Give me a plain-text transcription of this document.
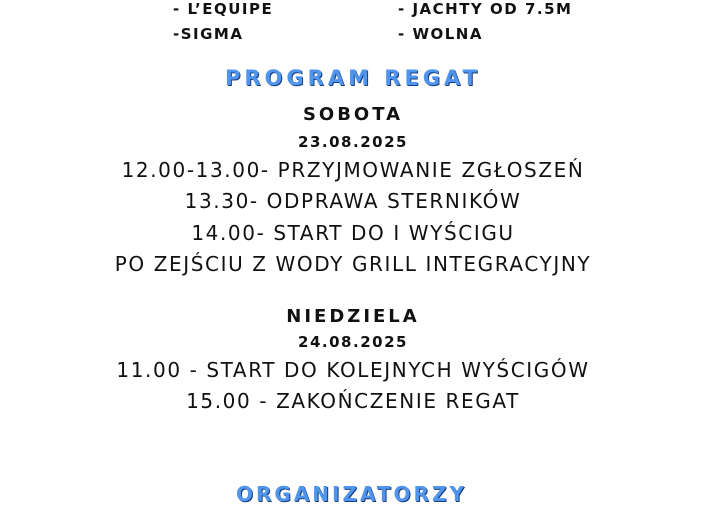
- L’EQUIPE
-SIGMA
- JACHTY OD 7.5M
- WOLNA
PROGRAM REGAT
SOBOTA
23.08.2025
12.00-13.00- PRZYJMOWANIE ZGŁOSZEŃ
13.30- ODPRAWA STERNIKÓW
14.00- START DO I WYŚCIGU
PO ZEJŚCIU Z WODY GRILL INTEGRACYJNY
NIEDZIELA
24.08.2025
11.00 - START DO KOLEJNYCH WYŚCIGÓW
15.00 - ZAKOŃCZENIE REGAT
ORGANIZATORZY
